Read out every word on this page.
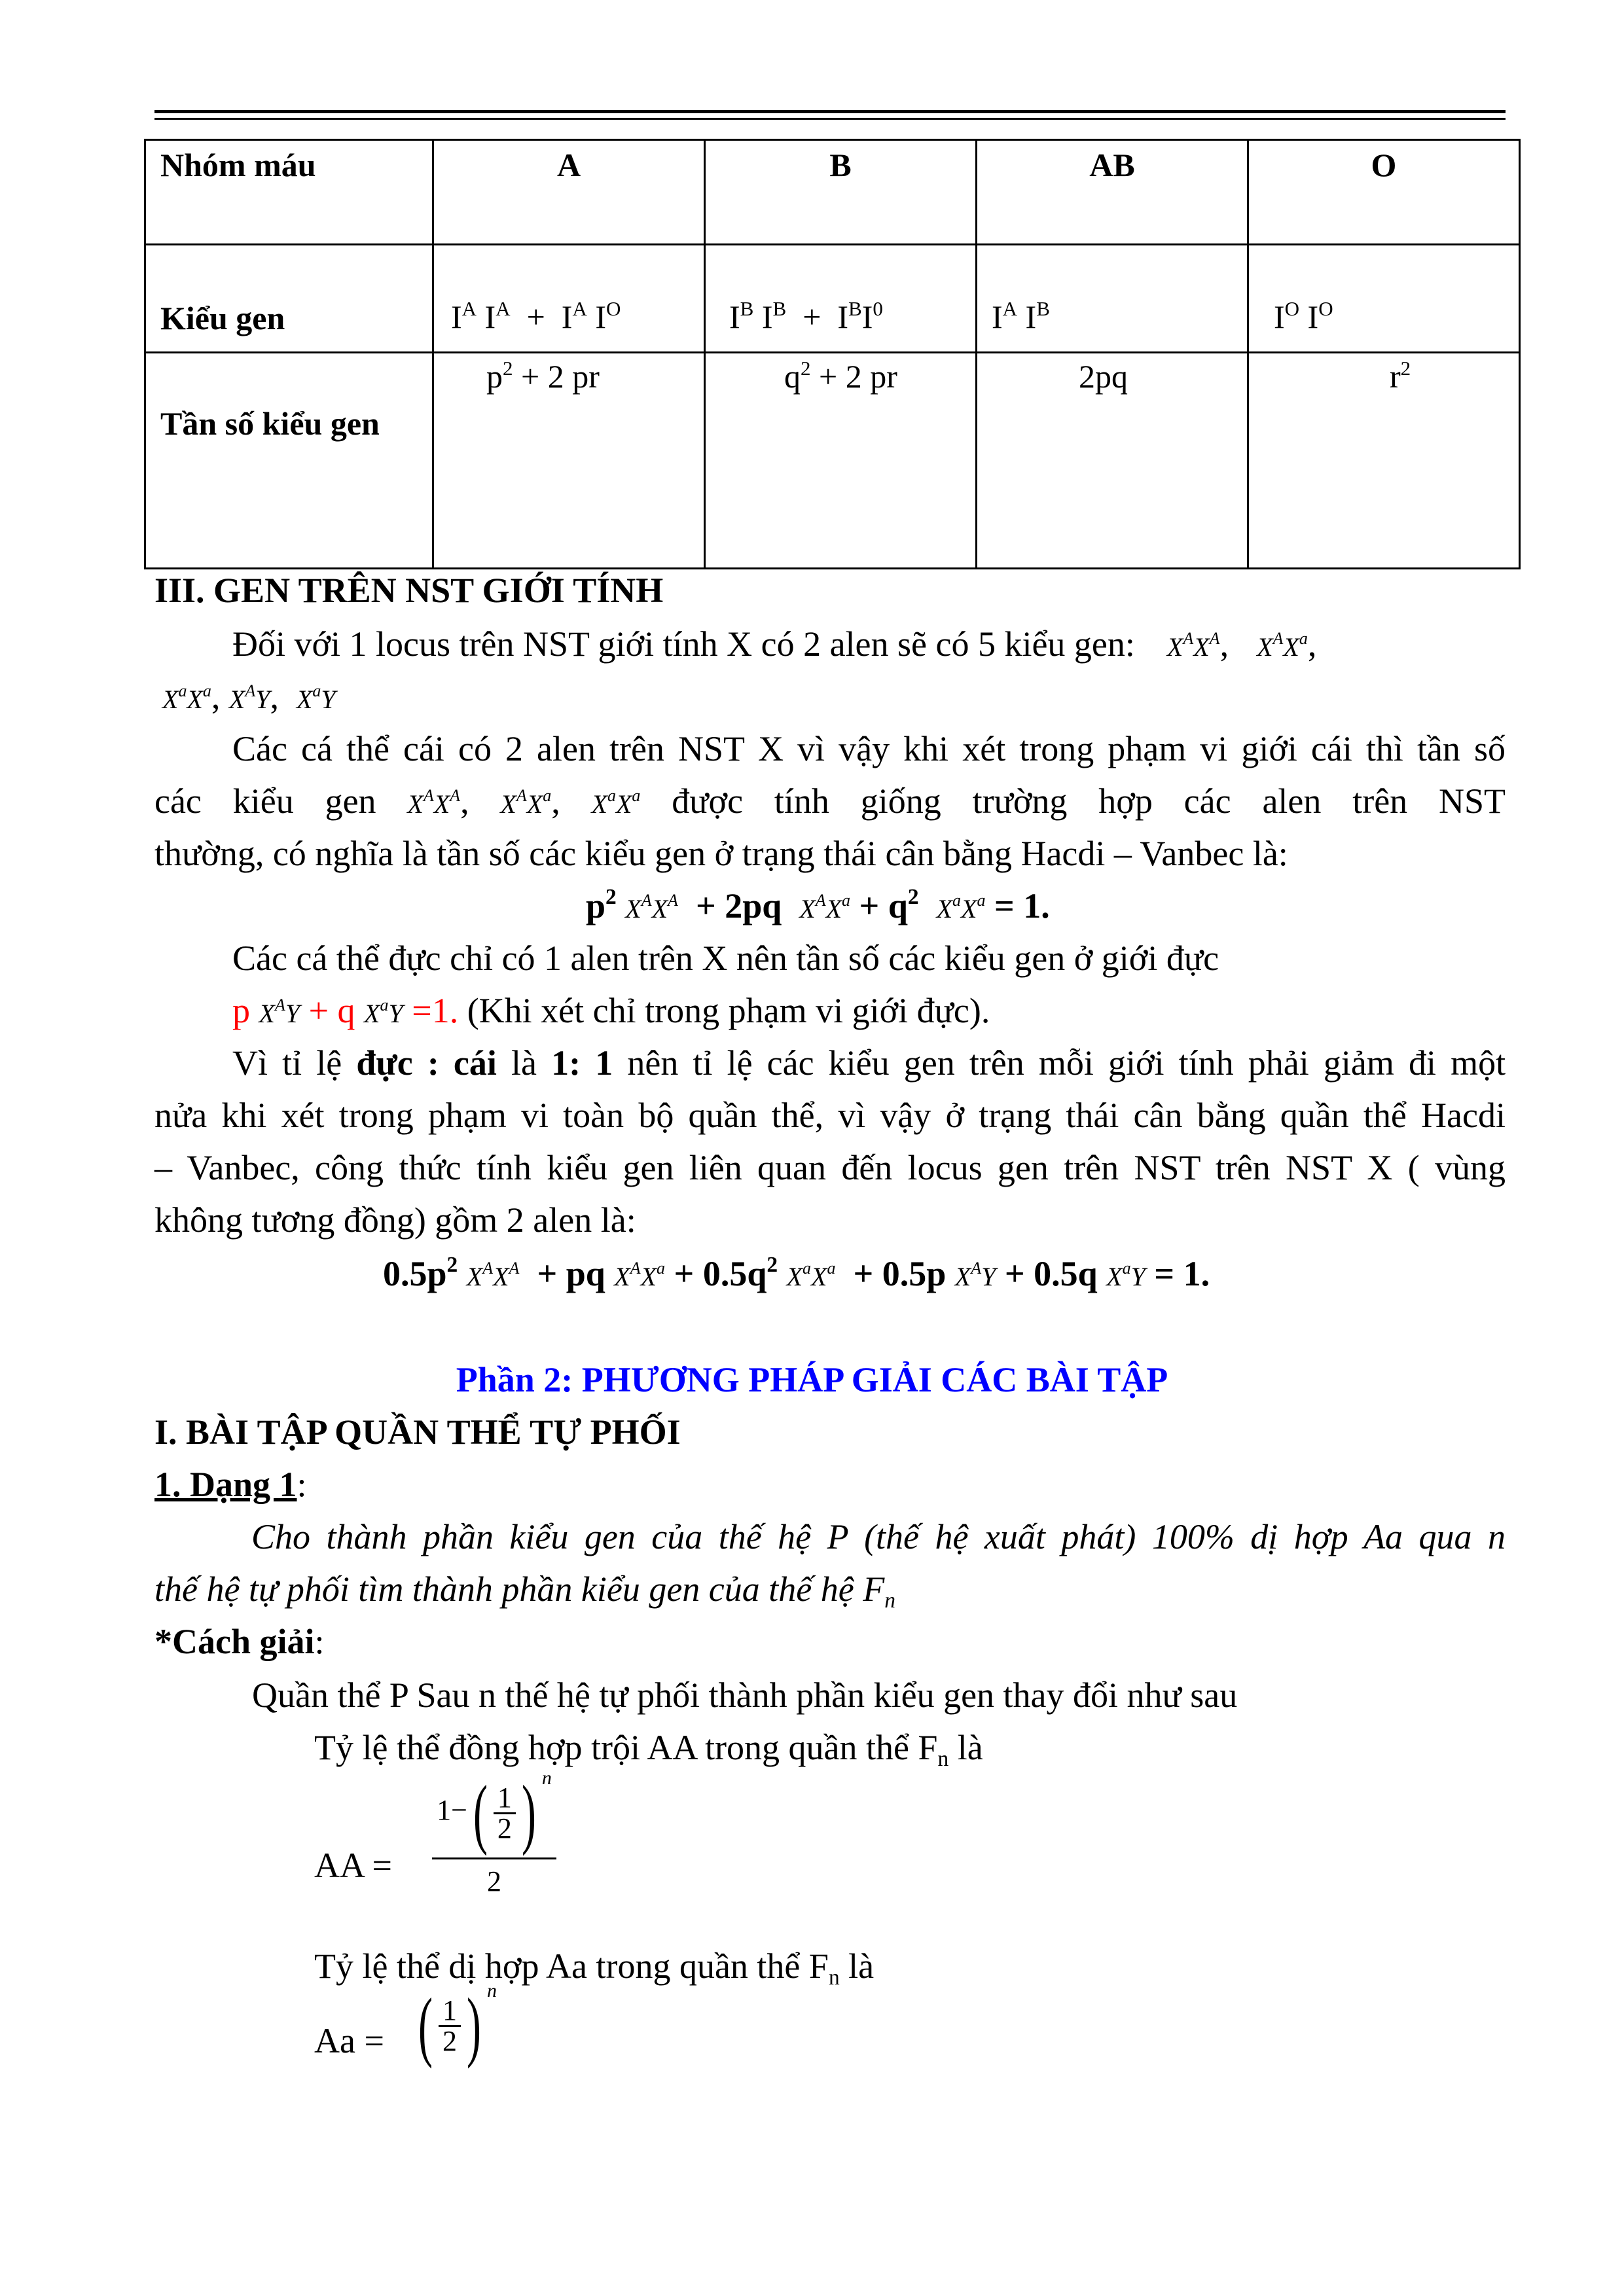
Nhóm máu	A	B	AB	O

Kiểu gen	$I^A$ $I^A + I^A$ $I^O$	$I^B$ $I^B + I^BI^0$	$I^A$ $I^B$	$I^O$ $I^O$

Tần số kiểu gen	$p^2 + 2$ pr	$q^2 + 2$ pr	2pq	$r^2$
III. GEN TRÊN NST GIỚI TÍNH
Đối với 1 locus trên NST giới tính X có 2 alen sẽ có 5 kiểu gen: $X^AX^A$, $X^AX^a$,
$X^aX^a$, $X^AY$, $X^aY$
Các cá thể cái có 2 alen trên NST X vì vậy khi xét trong phạm vi giới cái thì tần số
các kiểu gen $X^AX^A$, $X^AX^a$, $X^aX^a$ được tính giống trường hợp các alen trên NST
thường, có nghĩa là tần số các kiểu gen ở trạng thái cân bằng Hacdi – Vanbec là:
$p^2$ $X^AX^A + 2pq$ $X^AX^a + q^2$ $X^aX^a = 1$.
Các cá thể đực chỉ có 1 alen trên X nên tần số các kiểu gen ở giới đực
p $X^AY + q$ $X^aY =1$. (Khi xét chỉ trong phạm vi giới đực).
Vì tỉ lệ đực : cái là 1: 1 nên tỉ lệ các kiểu gen trên mỗi giới tính phải giảm đi một
nửa khi xét trong phạm vi toàn bộ quần thể, vì vậy ở trạng thái cân bằng quần thể Hacdi
– Vanbec, công thức tính kiểu gen liên quan đến locus gen trên NST trên NST X ( vùng
không tương đồng) gồm 2 alen là:
$0.5p^2$ $X^AX^A$ + pq $X^AX^a + 0.5q^2$ $X^aX^a + 0.5p$ $X^AY + 0.5q$ $X^aY = 1$.
Phần 2: PHƯƠNG PHÁP GIẢI CÁC BÀI TẬP
I. BÀI TẬP QUẦN THỂ TỰ PHỐI
1. Dạng 1:
Cho thành phần kiểu gen của thế hệ P (thế hệ xuất phát) 100% dị hợp Aa qua n
thế hệ tự phối tìm thành phần kiểu gen của thế hệ $F_n$
*Cách giải:
Quần thể P Sau n thế hệ tự phối thành phần kiểu gen thay đổi như sau
Tỷ lệ thể đồng hợp trội AA trong quần thể $F_n$ là
AA = $\frac{1-( \frac{1}{2} ) ^n}{2}$
Tỷ lệ thể dị hợp Aa trong quần thể $F_n$ là
Aa = ( $\frac{1}{2}$ ) $^n$
